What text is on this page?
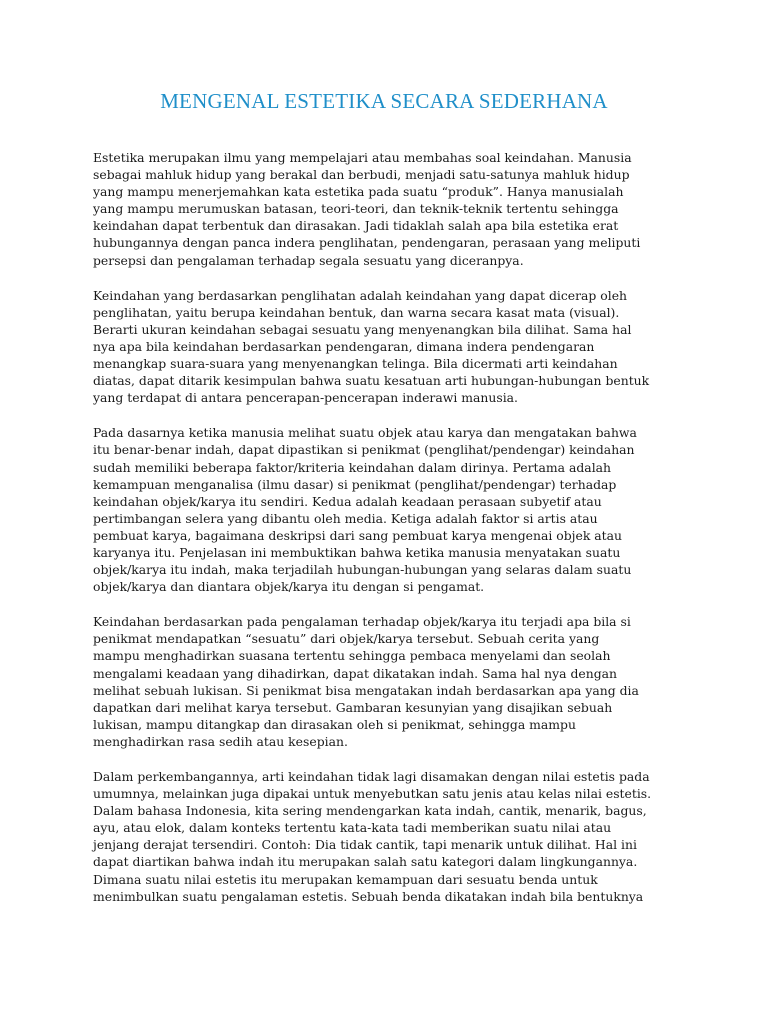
MENGENAL ESTETIKA SECARA SEDERHANA

Estetika merupakan ilmu yang mempelajari atau membahas soal keindahan. Manusia
sebagai mahluk hidup yang berakal dan berbudi, menjadi satu-satunya mahluk hidup
yang mampu menerjemahkan kata estetika pada suatu “produk”. Hanya manusialah
yang mampu merumuskan batasan, teori-teori, dan teknik-teknik tertentu sehingga
keindahan dapat terbentuk dan dirasakan. Jadi tidaklah salah apa bila estetika erat
hubungannya dengan panca indera penglihatan, pendengaran, perasaan yang meliputi
persepsi dan pengalaman terhadap segala sesuatu yang diceranpya.

Keindahan yang berdasarkan penglihatan adalah keindahan yang dapat dicerap oleh
penglihatan, yaitu berupa keindahan bentuk, dan warna secara kasat mata (visual).
Berarti ukuran keindahan sebagai sesuatu yang menyenangkan bila dilihat. Sama hal
nya apa bila keindahan berdasarkan pendengaran, dimana indera pendengaran
menangkap suara-suara yang menyenangkan telinga. Bila dicermati arti keindahan
diatas, dapat ditarik kesimpulan bahwa suatu kesatuan arti hubungan-hubungan bentuk
yang terdapat di antara pencerapan-pencerapan inderawi manusia.

Pada dasarnya ketika manusia melihat suatu objek atau karya dan mengatakan bahwa
itu benar-benar indah, dapat dipastikan si penikmat (penglihat/pendengar) keindahan
sudah memiliki beberapa faktor/kriteria keindahan dalam dirinya. Pertama adalah
kemampuan menganalisa (ilmu dasar) si penikmat (penglihat/pendengar) terhadap
keindahan objek/karya itu sendiri. Kedua adalah keadaan perasaan subyetif atau
pertimbangan selera yang dibantu oleh media. Ketiga adalah faktor si artis atau
pembuat karya, bagaimana deskripsi dari sang pembuat karya mengenai objek atau
karyanya itu. Penjelasan ini membuktikan bahwa ketika manusia menyatakan suatu
objek/karya itu indah, maka terjadilah hubungan-hubungan yang selaras dalam suatu
objek/karya dan diantara objek/karya itu dengan si pengamat.

Keindahan berdasarkan pada pengalaman terhadap objek/karya itu terjadi apa bila si
penikmat mendapatkan “sesuatu” dari objek/karya tersebut. Sebuah cerita yang
mampu menghadirkan suasana tertentu sehingga pembaca menyelami dan seolah
mengalami keadaan yang dihadirkan, dapat dikatakan indah. Sama hal nya dengan
melihat sebuah lukisan. Si penikmat bisa mengatakan indah berdasarkan apa yang dia
dapatkan dari melihat karya tersebut. Gambaran kesunyian yang disajikan sebuah
lukisan, mampu ditangkap dan dirasakan oleh si penikmat, sehingga mampu
menghadirkan rasa sedih atau kesepian.

Dalam perkembangannya, arti keindahan tidak lagi disamakan dengan nilai estetis pada
umumnya, melainkan juga dipakai untuk menyebutkan satu jenis atau kelas nilai estetis.
Dalam bahasa Indonesia, kita sering mendengarkan kata indah, cantik, menarik, bagus,
ayu, atau elok, dalam konteks tertentu kata-kata tadi memberikan suatu nilai atau
jenjang derajat tersendiri. Contoh: Dia tidak cantik, tapi menarik untuk dilihat. Hal ini
dapat diartikan bahwa indah itu merupakan salah satu kategori dalam lingkungannya.
Dimana suatu nilai estetis itu merupakan kemampuan dari sesuatu benda untuk
menimbulkan suatu pengalaman estetis. Sebuah benda dikatakan indah bila bentuknya
